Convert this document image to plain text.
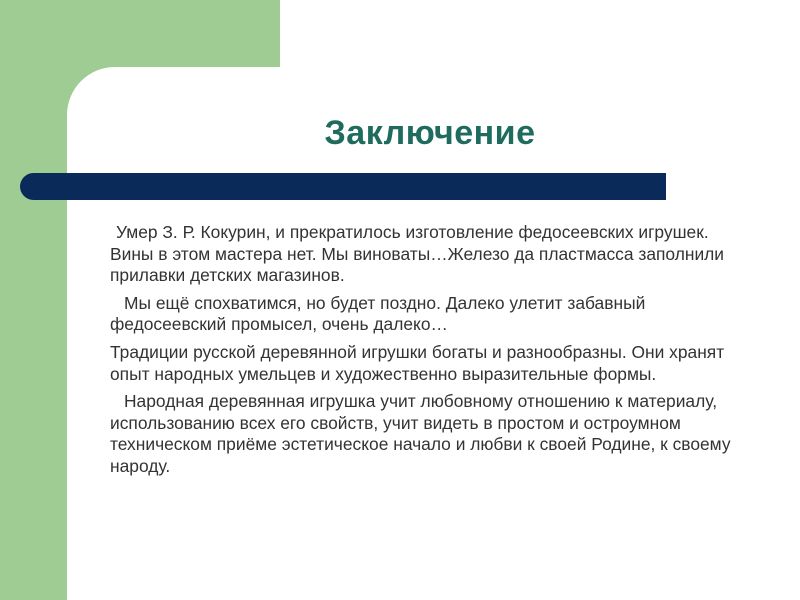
Заключение

Умер З. Р. Кокурин, и прекратилось изготовление федосеевских игрушек. Вины в этом мастера нет. Мы виноваты…Железо да пластмасса заполнили прилавки детских магазинов.

Мы ещё спохватимся, но будет поздно. Далеко улетит забавный федосеевский промысел, очень далеко…

Традиции русской деревянной игрушки богаты и разнообразны. Они хранят опыт народных умельцев и художественно выразительные формы.

Народная деревянная игрушка учит любовному отношению к материалу, использованию всех его свойств, учит видеть в простом и остроумном техническом приёме эстетическое начало и любви к своей Родине, к своему народу.
